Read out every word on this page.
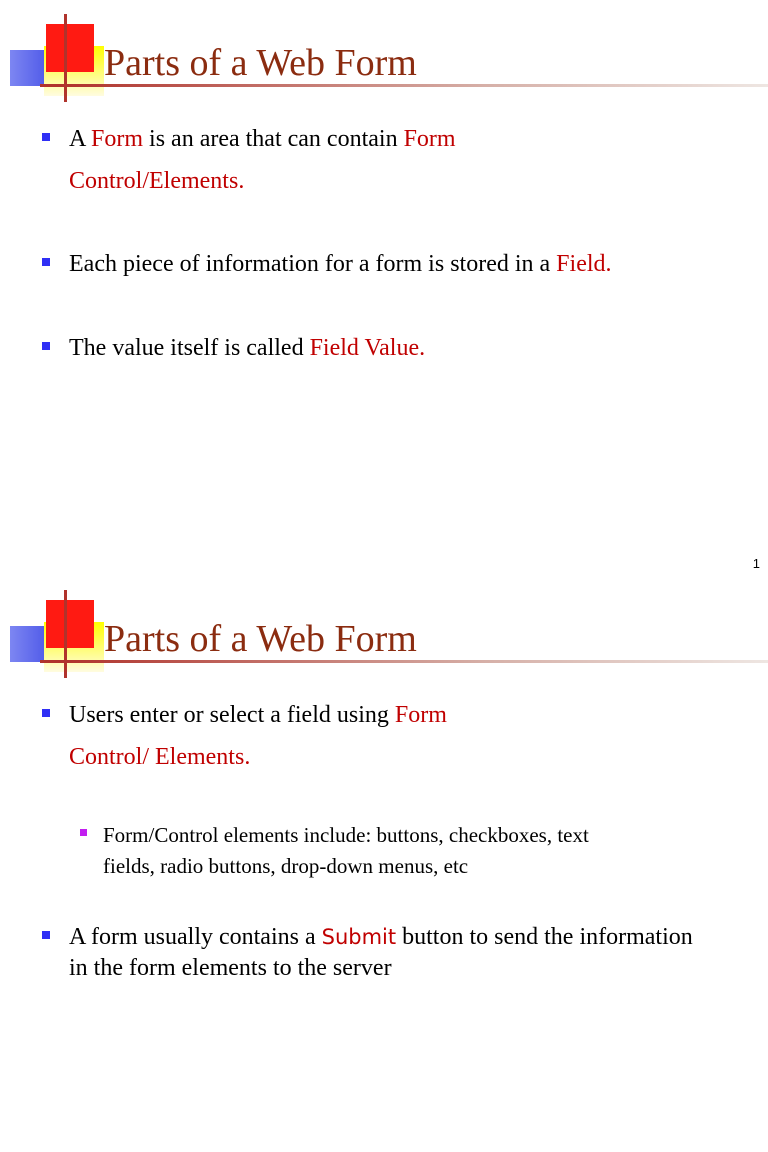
Parts of a Web Form
A Form is an area that can contain Form
Control/Elements.
Each piece of information for a form is stored in a Field.
The value itself is called Field Value.
1
Parts of a Web Form
Users enter or select a field using Form
Control/ Elements.
Form/Control elements include: buttons, checkboxes, text
fields, radio buttons, drop-down menus, etc
A form usually contains a Submit button to send the information
in the form elements to the server
